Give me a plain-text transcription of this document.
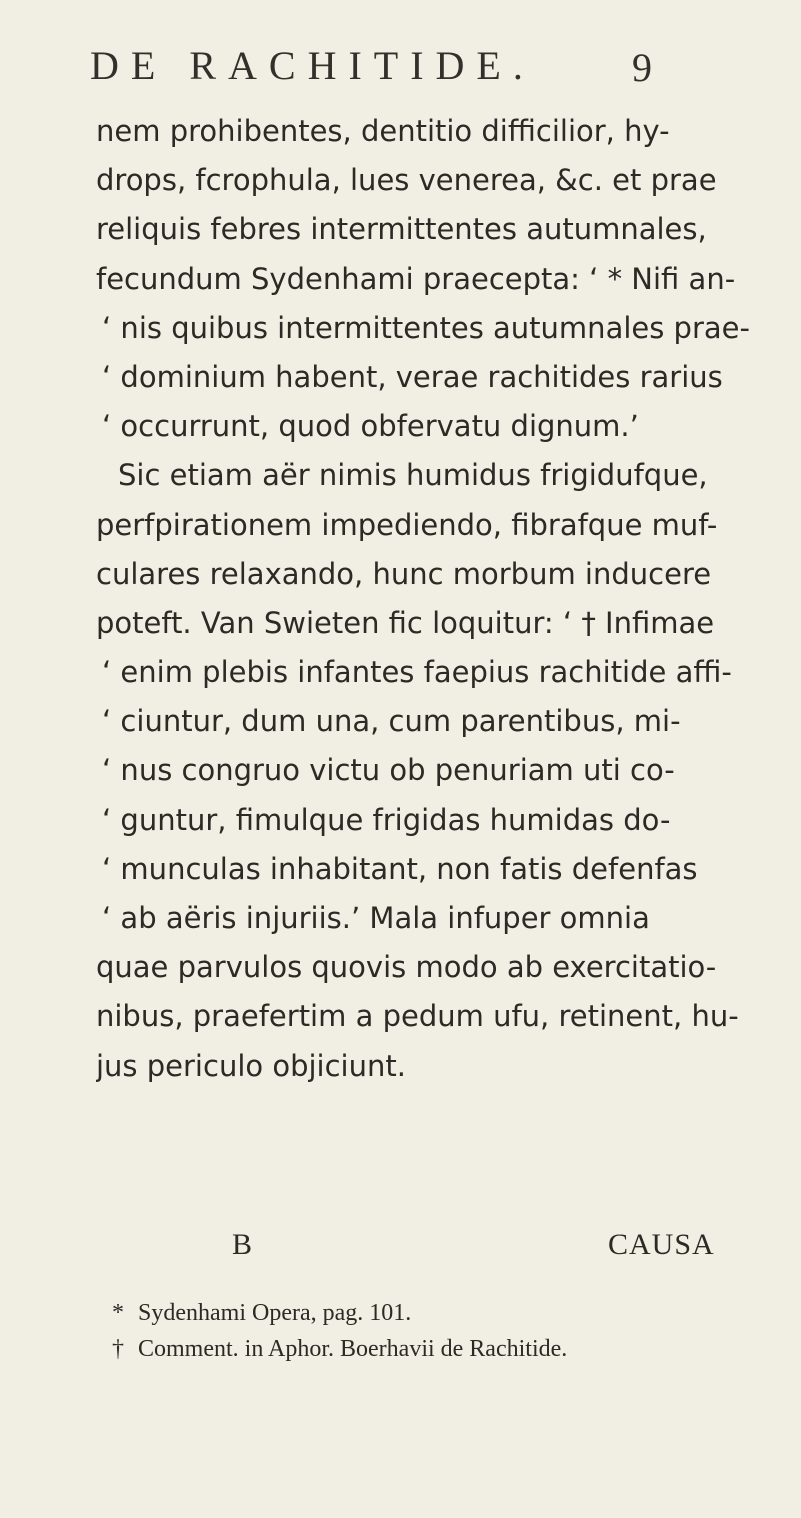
DE RACHITIDE.	9
nem prohibentes, dentitio difficilior, hy-
drops, fcrophula, lues venerea, &c. et prae
reliquis febres intermittentes autumnales,
fecundum Sydenhami praecepta: ‘ * Nifi an-
‘ nis quibus intermittentes autumnales prae-
‘ dominium habent, verae rachitides rarius
‘ occurrunt, quod obfervatu dignum.’
Sic etiam aër nimis humidus frigidufque,
perfpirationem impediendo, fibrafque muf-
culares relaxando, hunc morbum inducere
poteft. Van Swieten fic loquitur: ‘ † Infimae
‘ enim plebis infantes faepius rachitide affi-
‘ ciuntur, dum una, cum parentibus, mi-
‘ nus congruo victu ob penuriam uti co-
‘ guntur, fimulque frigidas humidas do-
‘ munculas inhabitant, non fatis defenfas
‘ ab aëris injuriis.’ Mala infuper omnia
quae parvulos quovis modo ab exercitatio-
nibus, praefertim a pedum ufu, retinent, hu-
jus periculo objiciunt.
B	CAUSA
* Sydenhami Opera, pag. 101.
† Comment. in Aphor. Boerhavii de Rachitide.
